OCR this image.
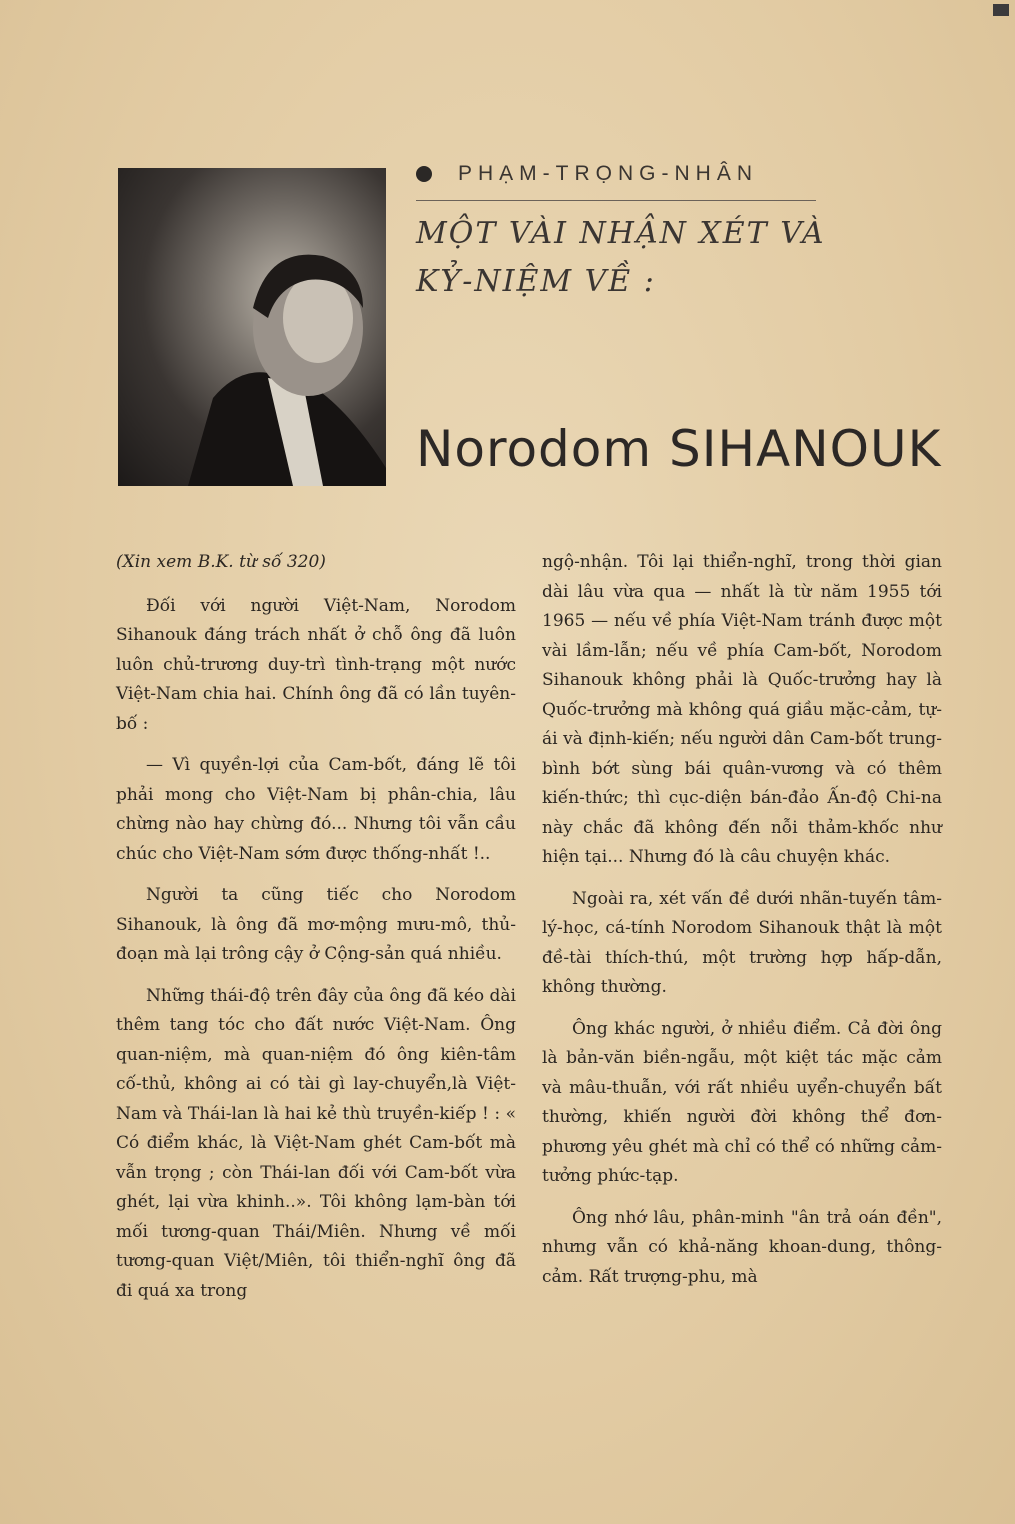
PHẠM-TRỌNG-NHÂN
MỘT VÀI NHẬN XÉT VÀ
KỶ-NIỆM VỀ :
Norodom SIHANOUK
(Xin xem B.K. từ số 320)

Đối với người Việt-Nam, Norodom Sihanouk đáng trách nhất ở chỗ ông đã luôn luôn chủ-trương duy-trì tình-trạng một nước Việt-Nam chia hai. Chính ông đã có lần tuyên-bố :

— Vì quyền-lợi của Cam-bốt, đáng lẽ tôi phải mong cho Việt-Nam bị phân-chia, lâu chừng nào hay chừng đó... Nhưng tôi vẫn cầu chúc cho Việt-Nam sớm được thống-nhất !..

Người ta cũng tiếc cho Norodom Sihanouk, là ông đã mơ-mộng mưu-mô, thủ-đoạn mà lại trông cậy ở Cộng-sản quá nhiều.

Những thái-độ trên đây của ông đã kéo dài thêm tang tóc cho đất nước Việt-Nam. Ông quan-niệm, mà quan-niệm đó ông kiên-tâm cố-thủ, không ai có tài gì lay-chuyển,là Việt-Nam và Thái-lan là hai kẻ thù truyền-kiếp ! : « Có điểm khác, là Việt-Nam ghét Cam-bốt mà vẫn trọng ; còn Thái-lan đối với Cam-bốt vừa ghét, lại vừa khinh..». Tôi không lạm-bàn tới mối tương-quan Thái/Miên. Nhưng về mối tương-quan Việt/Miên, tôi thiển-nghĩ ông đã đi quá xa trong

ngộ-nhận. Tôi lại thiển-nghĩ, trong thời gian dài lâu vừa qua — nhất là từ năm 1955 tới 1965 — nếu về phía Việt-Nam tránh được một vài lầm-lẫn; nếu về phía Cam-bốt, Norodom Sihanouk không phải là Quốc-trưởng hay là Quốc-trưởng mà không quá giầu mặc-cảm, tự-ái và định-kiến; nếu người dân Cam-bốt trung-bình bớt sùng bái quân-vương và có thêm kiến-thức; thì cục-diện bán-đảo Ấn-độ Chi-na này chắc đã không đến nỗi thảm-khốc như hiện tại... Nhưng đó là câu chuyện khác.

Ngoài ra, xét vấn đề dưới nhãn-tuyến tâm-lý-học, cá-tính Norodom Sihanouk thật là một đề-tài thích-thú, một trường hợp hấp-dẫn, không thường.

Ông khác người, ở nhiều điểm. Cả đời ông là bản-văn biền-ngẫu, một kiệt tác mặc cảm và mâu-thuẫn, với rất nhiều uyển-chuyển bất thường, khiến người đời không thể đơn-phương yêu ghét mà chỉ có thể có những cảm-tưởng phức-tạp.

Ông nhớ lâu, phân-minh "ân trả oán đền", nhưng vẫn có khả-năng khoan-dung, thông-cảm. Rất trượng-phu, mà
